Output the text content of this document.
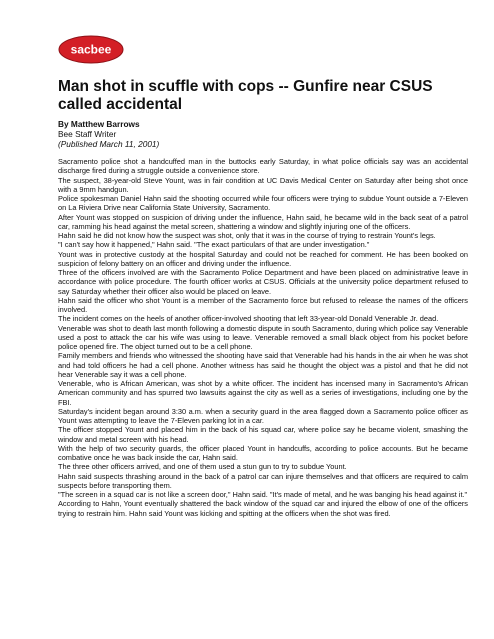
sacbee
Man shot in scuffle with cops -- Gunfire near CSUS called accidental
By Matthew Barrows
Bee Staff Writer
(Published March 11, 2001)

Sacramento police shot a handcuffed man in the buttocks early Saturday, in what police officials say was an accidental discharge fired during a struggle outside a convenience store.

The suspect, 38-year-old Steve Yount, was in fair condition at UC Davis Medical Center on Saturday after being shot once with a 9mm handgun.

Police spokesman Daniel Hahn said the shooting occurred while four officers were trying to subdue Yount outside a 7-Eleven on La Riviera Drive near California State University, Sacramento.

After Yount was stopped on suspicion of driving under the influence, Hahn said, he became wild in the back seat of a patrol car, ramming his head against the metal screen, shattering a window and slightly injuring one of the officers.

Hahn said he did not know how the suspect was shot, only that it was in the course of trying to restrain Yount's legs.

"I can't say how it happened," Hahn said. "The exact particulars of that are under investigation."

Yount was in protective custody at the hospital Saturday and could not be reached for comment. He has been booked on suspicion of felony battery on an officer and driving under the influence.

Three of the officers involved are with the Sacramento Police Department and have been placed on administrative leave in accordance with police procedure. The fourth officer works at CSUS. Officials at the university police department refused to say Saturday whether their officer also would be placed on leave.

Hahn said the officer who shot Yount is a member of the Sacramento force but refused to release the names of the officers involved.

The incident comes on the heels of another officer-involved shooting that left 33-year-old Donald Venerable Jr. dead.

Venerable was shot to death last month following a domestic dispute in south Sacramento, during which police say Venerable used a post to attack the car his wife was using to leave. Venerable removed a small black object from his pocket before police opened fire. The object turned out to be a cell phone.

Family members and friends who witnessed the shooting have said that Venerable had his hands in the air when he was shot and had told officers he had a cell phone. Another witness has said he thought the object was a pistol and that he did not hear Venerable say it was a cell phone.

Venerable, who is African American, was shot by a white officer. The incident has incensed many in Sacramento's African American community and has spurred two lawsuits against the city as well as a series of investigations, including one by the FBI.

Saturday's incident began around 3:30 a.m. when a security guard in the area flagged down a Sacramento police officer as Yount was attempting to leave the 7-Eleven parking lot in a car.

The officer stopped Yount and placed him in the back of his squad car, where police say he became violent, smashing the window and metal screen with his head.

With the help of two security guards, the officer placed Yount in handcuffs, according to police accounts. But he became combative once he was back inside the car, Hahn said.

The three other officers arrived, and one of them used a stun gun to try to subdue Yount.

Hahn said suspects thrashing around in the back of a patrol car can injure themselves and that officers are required to calm suspects before transporting them.

"The screen in a squad car is not like a screen door," Hahn said. "It's made of metal, and he was banging his head against it."

According to Hahn, Yount eventually shattered the back window of the squad car and injured the elbow of one of the officers trying to restrain him. Hahn said Yount was kicking and spitting at the officers when the shot was fired.
